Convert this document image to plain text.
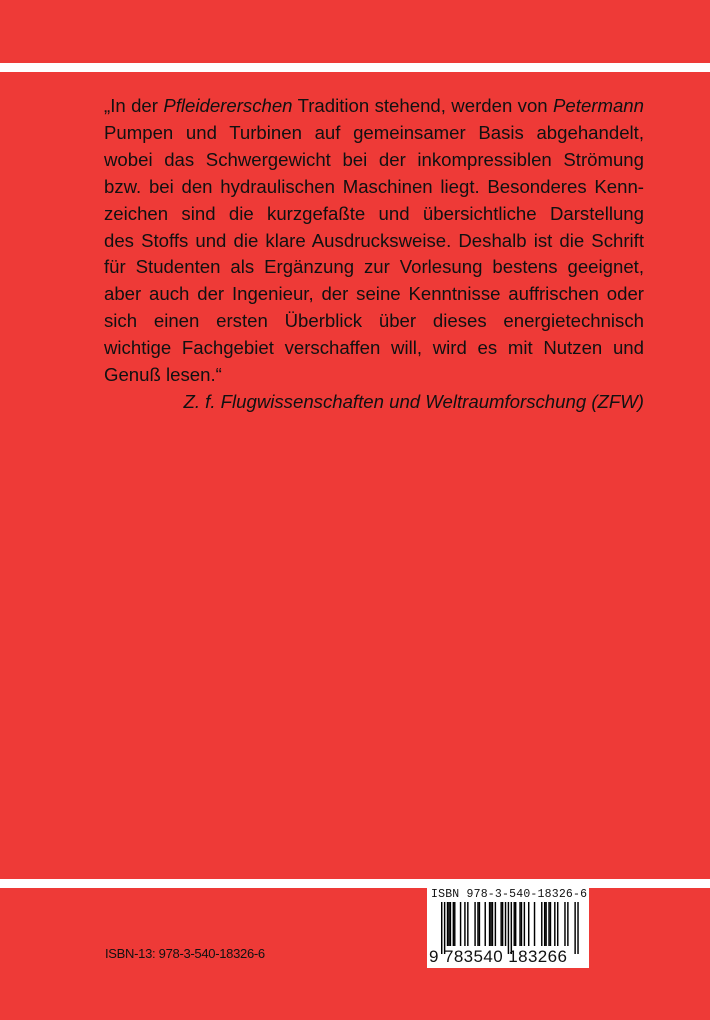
„In der Pfleidererschen Tradition stehend, werden von Petermann
Pumpen und Turbinen auf gemeinsamer Basis abgehandelt,
wobei das Schwergewicht bei der inkompressiblen Strömung
bzw. bei den hydraulischen Maschinen liegt. Besonderes Kenn-
zeichen sind die kurzgefaßte und übersichtliche Darstellung
des Stoffs und die klare Ausdrucksweise. Deshalb ist die Schrift
für Studenten als Ergänzung zur Vorlesung bestens geeignet,
aber auch der Ingenieur, der seine Kenntnisse auffrischen oder
sich einen ersten Überblick über dieses energietechnisch
wichtige Fachgebiet verschaffen will, wird es mit Nutzen und
Genuß lesen.“
Z. f. Flugwissenschaften und Weltraumforschung (ZFW)
ISBN-13: 978-3-540-18326-6
ISBN 978-3-540-18326-6
9 783540 183266
